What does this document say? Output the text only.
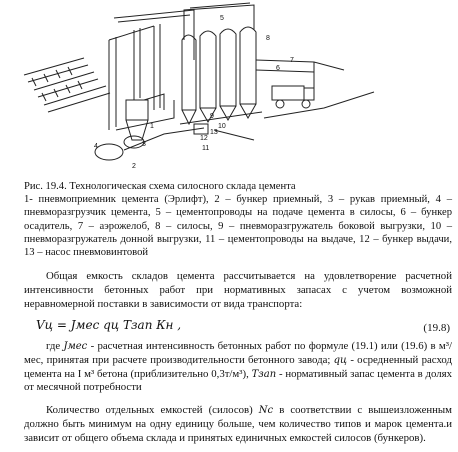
1
2
3
4
5
6
7
8
9
10
11
12
13
Рис. 19.4. Технологическая схема силосного склада цемента
1- пневмоприемник цемента (Эрлифт), 2 – бункер приемный, 3 – рукав приемный, 4 – пневморазгрузчик цемента, 5 – цементопроводы на подаче цемента в силосы, 6 – бункер осадитель, 7 – аэрожелоб, 8 – силосы, 9 – пневморазгружатель боковой выгрузки, 10 – пневморазгружатель донной выгрузки, 11 – цементопроводы на выдаче, 12 – бункер выдачи, 13 – насос пневмовинтовой
Общая емкость складов цемента рассчитывается на удовлетворение расчетной интенсивности бетонных работ при нормативных запасах с учетом возможной неравномерной поставки в зависимости от вида транспорта:
Vц = Jмес qц Тзап Кн ,	(19.8)
где Jмес - расчетная интенсивность бетонных работ по формуле (19.1) или (19.6) в м³/мес, принятая при расчете производительности бетонного завода; qц - осредненный расход цемента на I м³ бетона (приблизительно 0,3т/м³), Тзап - нормативный запас цемента в долях от месячной потребности
Количество отдельных емкостей (силосов) Nc в соответствии с вышеизложенным должно быть минимум на одну единицу больше, чем количество типов и марок цемента.и зависит от общего объема склада и принятых единичных емкостей силосов (бункеров).
